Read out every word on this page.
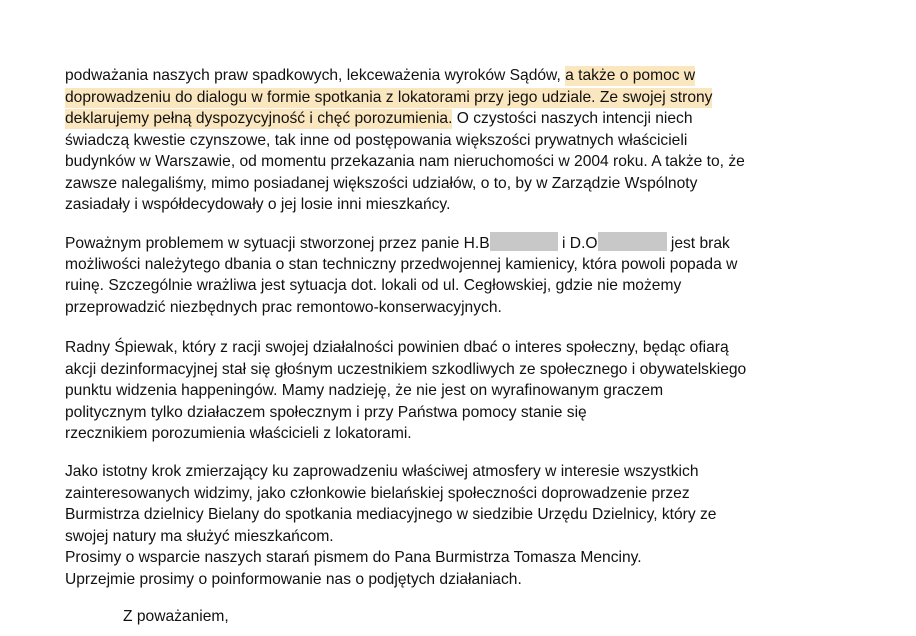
podważania naszych praw spadkowych, lekceważenia wyroków Sądów, a także o pomoc w
doprowadzeniu do dialogu w formie spotkania z lokatorami przy jego udziale. Ze swojej strony
deklarujemy pełną dyspozycyjność i chęć porozumienia. O czystości naszych intencji niech
świadczą kwestie czynszowe, tak inne od postępowania większości prywatnych właścicieli
budynków w Warszawie, od momentu przekazania nam nieruchomości w 2004 roku. A także to, że
zawsze nalegaliśmy, mimo posiadanej większości udziałów, o to, by w Zarządzie Wspólnoty
zasiadały i współdecydowały o jej losie inni mieszkańcy.
Poważnym problemem w sytuacji stworzonej przez panie H.B	i D.O	jest brak
możliwości należytego dbania o stan techniczny przedwojennej kamienicy, która powoli popada w
ruinę. Szczególnie wrażliwa jest sytuacja dot. lokali od ul. Cegłowskiej, gdzie nie możemy
przeprowadzić niezbędnych prac remontowo-konserwacyjnych.
Radny Śpiewak, który z racji swojej działalności powinien dbać o interes społeczny, będąc ofiarą
akcji dezinformacyjnej stał się głośnym uczestnikiem szkodliwych ze społecznego i obywatelskiego
punktu widzenia happeningów. Mamy nadzieję, że nie jest on wyrafinowanym graczem
politycznym tylko działaczem społecznym i przy Państwa pomocy stanie się
rzecznikiem porozumienia właścicieli z lokatorami.
Jako istotny krok zmierzający ku zaprowadzeniu właściwej atmosfery w interesie wszystkich
zainteresowanych widzimy, jako członkowie bielańskiej społeczności doprowadzenie przez
Burmistrza dzielnicy Bielany do spotkania mediacyjnego w siedzibie Urzędu Dzielnicy, który ze
swojej natury ma służyć mieszkańcom.
Prosimy o wsparcie naszych starań pismem do Pana Burmistrza Tomasza Menciny.
Uprzejmie prosimy o poinformowanie nas o podjętych działaniach.
Z poważaniem,
